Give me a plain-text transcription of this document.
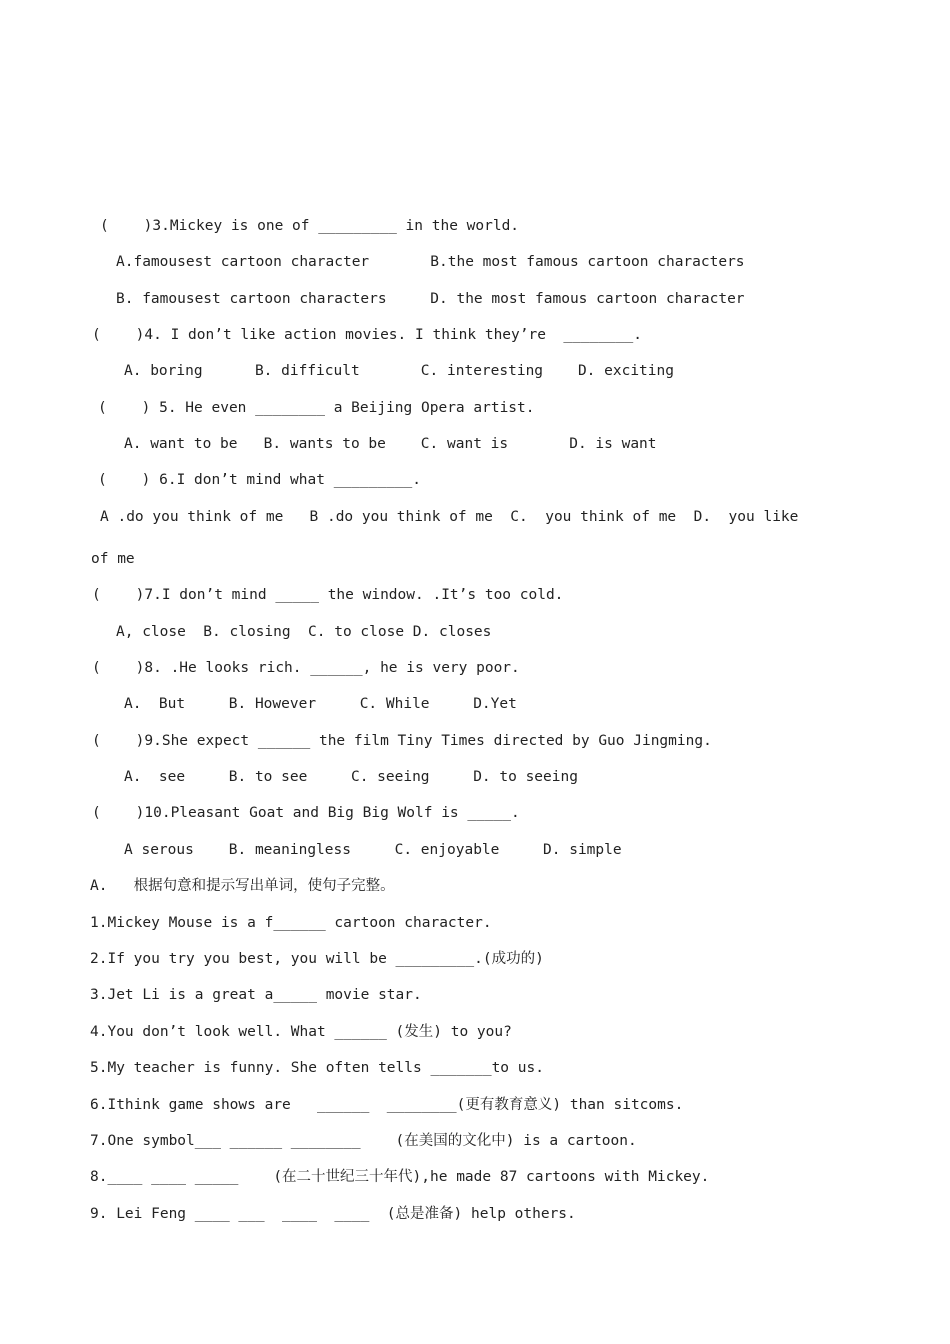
(    )3.Mickey is one of _________ in the world.

A.famousest cartoon character       B.the most famous cartoon characters

B. famousest cartoon characters     D. the most famous cartoon character

(    )4. I don’t like action movies. I think they’re  ________.

A. boring      B. difficult       C. interesting    D. exciting

(    ) 5. He even ________ a Beijing Opera artist.

A. want to be   B. wants to be    C. want is       D. is want

(    ) 6.I don’t mind what _________.

A .do you think of me   B .do you think of me  C.  you think of me  D.  you like

of me

(    )7.I don’t mind _____ the window. .It’s too cold.

A, close  B. closing  C. to close D. closes

(    )8. .He looks rich. ______, he is very poor.

A.  But     B. However     C. While     D.Yet

(    )9.She expect ______ the film Tiny Times directed by Guo Jingming.

A.  see     B. to see     C. seeing     D. to seeing

(    )10.Pleasant Goat and Big Big Wolf is _____.

A serous    B. meaningless     C. enjoyable     D. simple

A.   根据句意和提示写出单词，使句子完整。

1.Mickey Mouse is a f______ cartoon character.

2.If you try you best, you will be _________.(成功的)

3.Jet Li is a great a_____ movie star.

4.You don’t look well. What ______ (发生) to you?

5.My teacher is funny. She often tells _______to us.

6.Ithink game shows are   ______  ________(更有教育意义) than sitcoms.

7.One symbol___ ______ ________    (在美国的文化中) is a cartoon.

8.____ ____ _____    (在二十世纪三十年代),he made 87 cartoons with Mickey.

9. Lei Feng ____ ___  ____  ____  (总是准备) help others.
